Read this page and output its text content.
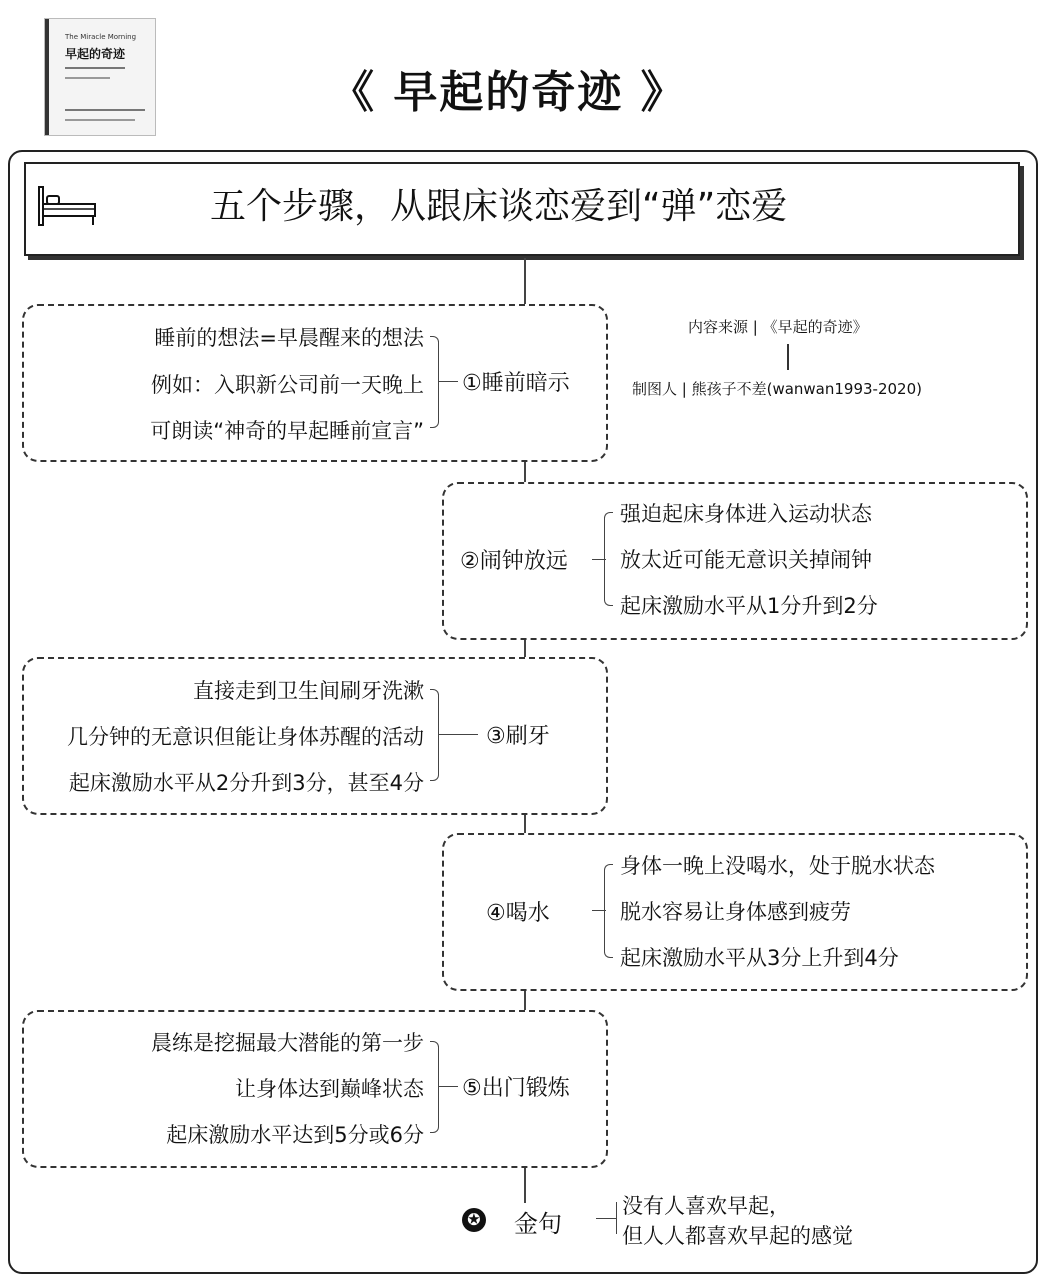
The Miracle Morning
早起的奇迹
《 早起的奇迹 》
五个步骤，从跟床谈恋爱到“弹”恋爱
内容来源 | 《早起的奇迹》
制图人 | 熊孩子不差(wanwan1993-2020)
睡前的想法=早晨醒来的想法
例如：入职新公司前一天晚上
可朗读“神奇的早起睡前宣言”
①睡前暗示
②闹钟放远
强迫起床身体进入运动状态
放太近可能无意识关掉闹钟
起床激励水平从1分升到2分
直接走到卫生间刷牙洗漱
几分钟的无意识但能让身体苏醒的活动
起床激励水平从2分升到3分，甚至4分
③刷牙
④喝水
身体一晚上没喝水，处于脱水状态
脱水容易让身体感到疲劳
起床激励水平从3分上升到4分
晨练是挖掘最大潜能的第一步
让身体达到巅峰状态
起床激励水平达到5分或6分
⑤出门锻炼
✪ 金句
没有人喜欢早起，
但人人都喜欢早起的感觉
